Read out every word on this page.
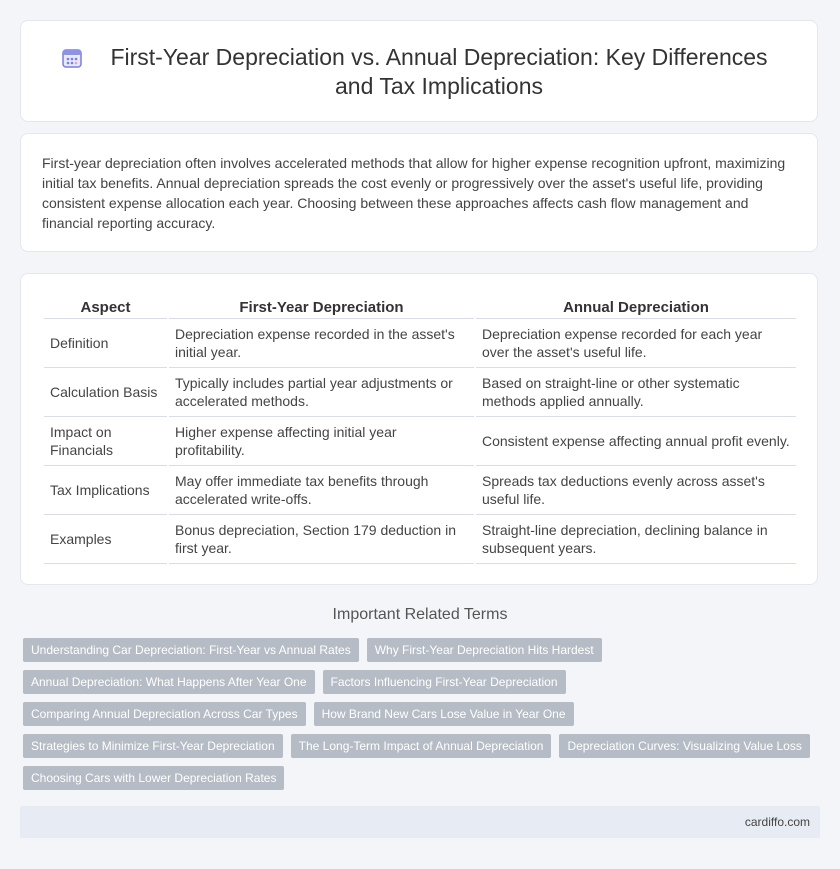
First-Year Depreciation vs. Annual Depreciation: Key Differences and Tax Implications

First-year depreciation often involves accelerated methods that allow for higher expense recognition upfront, maximizing initial tax benefits. Annual depreciation spreads the cost evenly or progressively over the asset's useful life, providing consistent expense allocation each year. Choosing between these approaches affects cash flow management and financial reporting accuracy.

Aspect	First-Year Depreciation	Annual Depreciation
Definition	Depreciation expense recorded in the asset's initial year.	Depreciation expense recorded for each year over the asset's useful life.
Calculation Basis	Typically includes partial year adjustments or accelerated methods.	Based on straight-line or other systematic methods applied annually.
Impact on Financials	Higher expense affecting initial year profitability.	Consistent expense affecting annual profit evenly.
Tax Implications	May offer immediate tax benefits through accelerated write-offs.	Spreads tax deductions evenly across asset's useful life.
Examples	Bonus depreciation, Section 179 deduction in first year.	Straight-line depreciation, declining balance in subsequent years.
Important Related Terms
Understanding Car Depreciation: First-Year vs Annual Rates	Why First-Year Depreciation Hits Hardest
Annual Depreciation: What Happens After Year One	Factors Influencing First-Year Depreciation
Comparing Annual Depreciation Across Car Types	How Brand New Cars Lose Value in Year One
Strategies to Minimize First-Year Depreciation	The Long-Term Impact of Annual Depreciation	Depreciation Curves: Visualizing Value Loss
Choosing Cars with Lower Depreciation Rates
cardiffo.com
